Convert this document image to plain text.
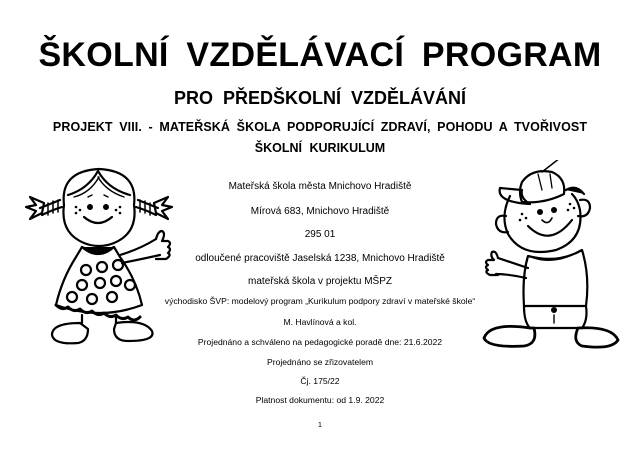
ŠKOLNÍ VZDĚLÁVACÍ PROGRAM
PRO PŘEDŠKOLNÍ VZDĚLÁVÁNÍ
PROJEKT VIII. - MATEŘSKÁ ŠKOLA PODPORUJÍCÍ ZDRAVÍ, POHODU A TVOŘIVOST
ŠKOLNÍ KURIKULUM
Mateřská škola města Mnichovo Hradiště
Mírová 683, Mnichovo Hradiště
295 01
odloučené pracoviště Jaselská 1238, Mnichovo Hradiště
mateřská škola v projektu MŠPZ
východisko ŠVP: modelový program „Kurikulum podpory zdraví v mateřské škole“
M. Havlínová a kol.
Projednáno a schváleno na pedagogické poradě dne: 21.6.2022
Projednáno se zřizovatelem
Čj. 175/22
Platnost dokumentu: od 1.9. 2022
1
